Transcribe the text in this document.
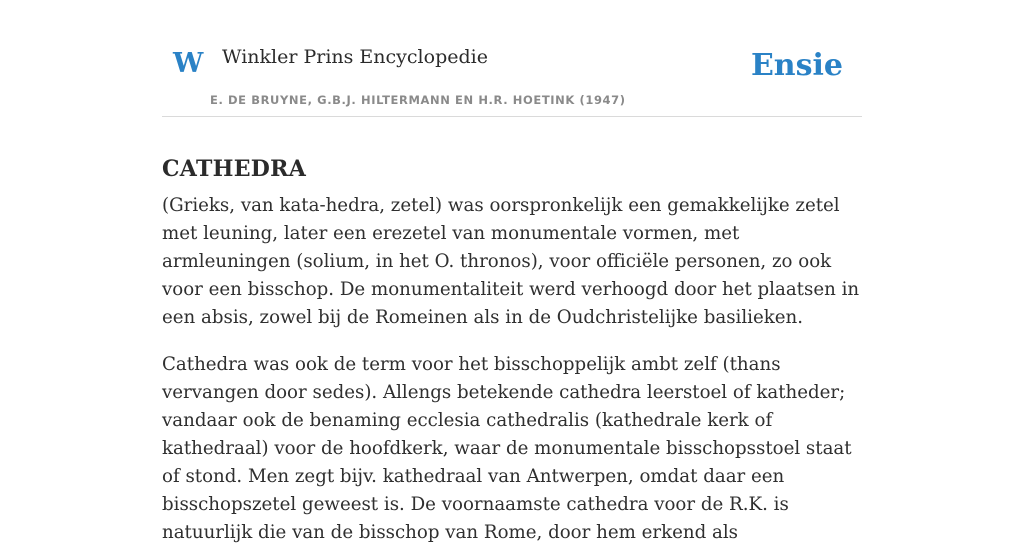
W Winkler Prins Encyclopedie
E. DE BRUYNE, G.B.J. HILTERMANN EN H.R. HOETINK (1947)
Ensie
CATHEDRA

(Grieks, van kata-hedra, zetel) was oorspronkelijk een gemakkelijke zetel met leuning, later een erezetel van monumentale vormen, met armleuningen (solium, in het O. thronos), voor officiële personen, zo ook voor een bisschop. De monumentaliteit werd verhoogd door het plaatsen in een absis, zowel bij de Romeinen als in de Oudchristelijke basilieken.

Cathedra was ook de term voor het bisschoppelijk ambt zelf (thans vervangen door sedes). Allengs betekende cathedra leerstoel of katheder; vandaar ook de benaming ecclesia cathedralis (kathedrale kerk of kathedraal) voor de hoofdkerk, waar de monumentale bisschopsstoel staat of stond. Men zegt bijv. kathedraal van Antwerpen, omdat daar een bisschopszetel geweest is. De voornaamste cathedra voor de R.K. is natuurlijk die van de bisschop van Rome, door hem erkend als
